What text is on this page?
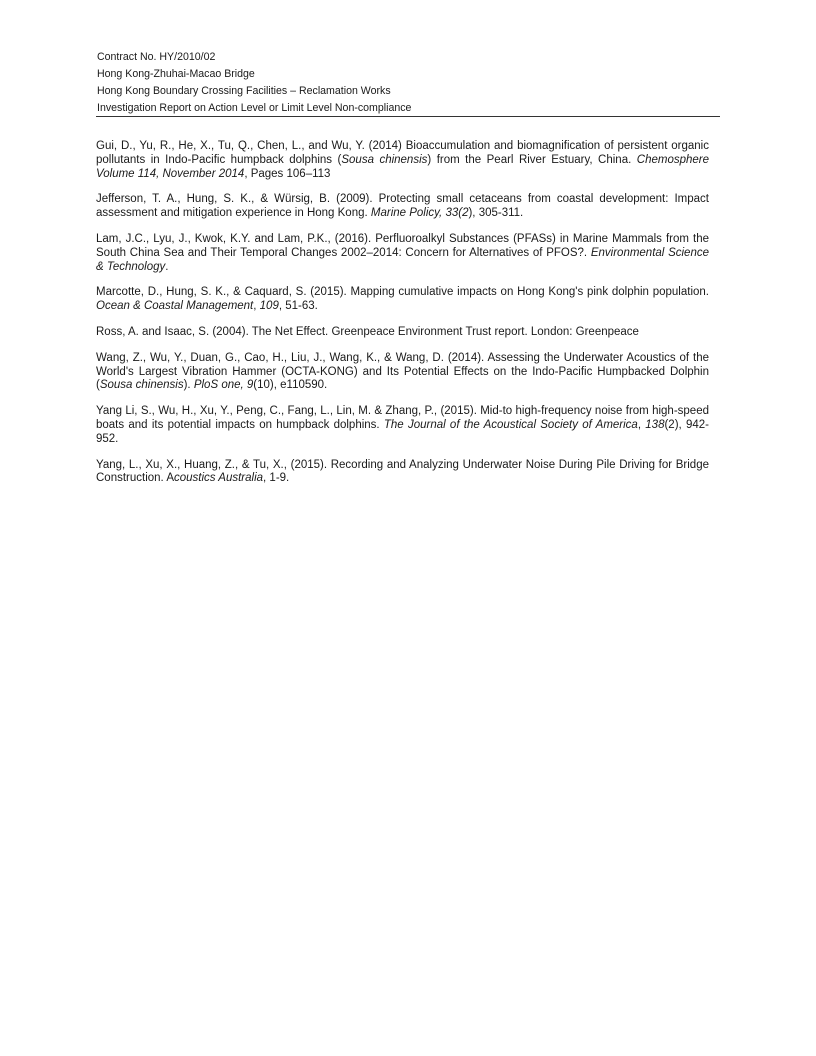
Contract No. HY/2010/02
Hong Kong-Zhuhai-Macao Bridge
Hong Kong Boundary Crossing Facilities – Reclamation Works
Investigation Report on Action Level or Limit Level Non-compliance

Gui, D., Yu, R., He, X., Tu, Q., Chen, L., and Wu, Y. (2014) Bioaccumulation and biomagnification of persistent organic pollutants in Indo-Pacific humpback dolphins (Sousa chinensis) from the Pearl River Estuary, China. Chemosphere Volume 114, November 2014, Pages 106–113

Jefferson, T. A., Hung, S. K., & Würsig, B. (2009). Protecting small cetaceans from coastal development: Impact assessment and mitigation experience in Hong Kong. Marine Policy, 33(2), 305-311.

Lam, J.C., Lyu, J., Kwok, K.Y. and Lam, P.K., (2016). Perfluoroalkyl Substances (PFASs) in Marine Mammals from the South China Sea and Their Temporal Changes 2002–2014: Concern for Alternatives of PFOS?. Environmental Science & Technology.

Marcotte, D., Hung, S. K., & Caquard, S. (2015). Mapping cumulative impacts on Hong Kong's pink dolphin population. Ocean & Coastal Management, 109, 51-63.

Ross, A. and Isaac, S. (2004). The Net Effect. Greenpeace Environment Trust report. London: Greenpeace

Wang, Z., Wu, Y., Duan, G., Cao, H., Liu, J., Wang, K., & Wang, D. (2014). Assessing the Underwater Acoustics of the World's Largest Vibration Hammer (OCTA-KONG) and Its Potential Effects on the Indo-Pacific Humpbacked Dolphin (Sousa chinensis). PloS one, 9(10), e110590.

Yang Li, S., Wu, H., Xu, Y., Peng, C., Fang, L., Lin, M. & Zhang, P., (2015). Mid-to high-frequency noise from high-speed boats and its potential impacts on humpback dolphins. The Journal of the Acoustical Society of America, 138(2), 942-952.

Yang, L., Xu, X., Huang, Z., & Tu, X., (2015). Recording and Analyzing Underwater Noise During Pile Driving for Bridge Construction. Acoustics Australia, 1-9.
